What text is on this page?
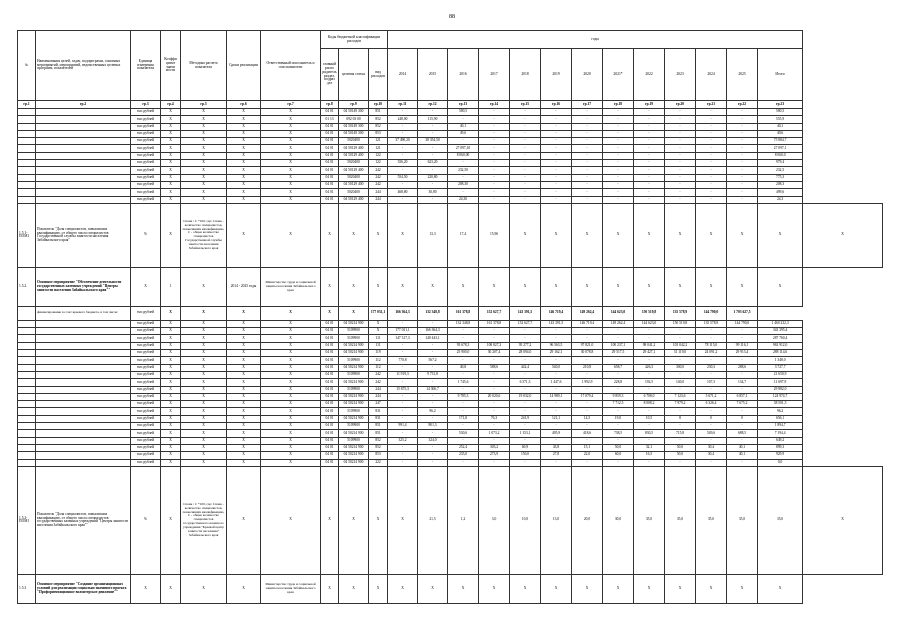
88
№	Наименования целей, задач, подпрограмм, основных мероприятий, мероприятий, ведомственных целевых программ, показателей	Единица измерения показателя	Коэффи циент значи мости	Методика расчета показателя	Сроки реализации	Ответственный исполнитель и соисполнители	Коды бюджетной классификации расходов			годы													
							главный распо рядитель раздел, подраз дел	целевая статья	вид расходов	2014	2015	2016	2017	2018	2019	2020	2021*	2022	2023	2024	2025	Итого	
гр.1	гр.2	гр.3	гр.4	гр.5	гр.6	гр.7	гр.8	гр.9	гр.10	гр.11	гр.12	гр.13	гр.14	гр.15	гр.16	гр.17	гр.18	гр.19	гр.20	гр.21	гр.22	гр.23	
		тыс.рублей	X	X	X	X	04 01	04 50149 300	851	-	-	580,5	-	-	-	-	-	-	-	-	-	580,5	
		тыс.рублей	X	X	X	X	01 13	092 03 00	852	248,00	115,90	-	-	-	-	-	-	-	-	-	-	555,9	
		тыс.рублей	X	X	X	X	04 01	04 50149 300	852	-	-	40,1	-	-	-	-	-	-	-	-	-	40,1	
		тыс.рублей	X	X	X	X	04 01	04 50149 300	853	-	-	49,6	-	-	-	-	-	-	-	-	-	49,6	
		тыс.рублей	X	X	X	X	04 01	5020400	121	37 490,20	38 354,50	-	-	-	-	-	-	-	-	-	-	75 884,7	
		тыс.рублей	X	X	X	X	04 01	04 50129 400	121	-	-	27 097,10	-	-	-	-	-	-	-	-	-	27 097,1	
		тыс.рублей	X	X	X	X	04 01	04 50129 400	122	-	-	8 060,00	-	-	-	-	-	-	-	-	-	8 060,0	
		тыс.рублей	X	X	X	X	04 01	5020400	122	356,20	623,20	-	-	-	-	-	-	-	-	-	-	979,4	
		тыс.рублей	X	X	X	X	04 01	04 50129 400	242	-	-	232,50	-	-	-	-	-	-	-	-	-	232,5	
		тыс.рублей	X	X	X	X	04 01	5020400	242	554,50	220,80	-	-	-	-	-	-	-	-	-	-	775,3	
		тыс.рублей	X	X	X	X	04 01	04 50129 400	242	-	-	208,30	-	-	-	-	-	-	-	-	-	208,3	
		тыс.рублей	X	X	X	X	04 01	5020400	244	468,80	30,80	-	-	-	-	-	-	-	-	-	-	499,6	
		тыс.рублей	X	X	X	X	04 01	04 50129 400	244	-	-	24,30	-	-	-	-	-	-	-	-	-	24,3	
1.5.1- ПОМ1	Показатель "Доля специалистов, повысивших квалификацию, от общего числа специалистов Государственной службы занятости населения Забайкальского края"	%	X	Сповк / С *100, где: Сповк - количество специалистов, повысивших квалификацию, С - общее количество специалистов Государственной службы занятости населения Забайкальского края	X	X	X	X	X	X	13,3	17,4	15,96	X	X	X	X	X	X	X	X	X	X
1.5.2.	Основное мероприятие "Обеспечение деятельности государственных казенных учреждений "Центры занятости населения Забайкальского края""	X	1	X	2014 - 2025 годы	Министерство труда и социальной защиты населения Забайкальского края	X	X	X	X	X	X	X	X	X	X	X	X	X	X	X	X	
	финансирование за счет краевого бюджета, в том числе:	тыс.рублей	X	X	X	X	X	X	177 031,1	166 364,3	132 348,8	161 378,8	152 627,7	143 391,5	146 719,4	149 262,4	144 623,0	150 519,8	135 578,9	144 790,0	1 703 627,5		
		тыс.рублей	X	X	X	X	04 01	04 50214 900	X	-	-	132 348,8	161 378,8	152 627,7	143 391,5	146 719,4	149 262,4	144 623,0	150 519,8	135 578,9	144 790,0	1 460 232,3	
		тыс.рублей	X	X	X	X	04 01	5109900	X	177 031,1	166 364,3	-	-	-	-	-	-	-	-	-	-	343 395,4	
		тыс.рублей	X	X	X	X	04 01	5109900	111	147 317,3	140 443,1	-	-	-	-	-	-	-	-	-	-	287 760,4	
		тыс.рублей	X	X	X	X	04 01	04 50214 900	111	-	-	93 678,3	108 827,3	95 277,2	96 563,5	97 821,0	100 237,1	98 041,2	103 042,2	78 115,0	99 116,1	963 912,0	
		тыс.рублей	X	X	X	X	04 01	04 50214 900	119	-	-	25 900,0	30 207,4	28 094,0	29 162,1	30 078,8	29 517,5	29 427,1	31 119,0	24 091,2	29 913,4	288 114,6	
		тыс.рублей	X	X	X	X	04 01	5109900	112	770,8	567,2	-	-	-	-	-	-	-	-	-	-	1 348,0	
		тыс.рублей	X	X	X	X	04 01	04 50214 900	112	-	-	40,8	588,6	442,4	540,0	210,8	658,7	426,3	300,0	230,3	288,6	3 727,7	
		тыс.рублей	X	X	X	X	04 01	5109900	242	11 919,3	9 731,8	-	-	-	-	-	-	-	-	-	-	21 650,9	
		тыс.рублей	X	X	X	X	04 01	04 50214 900	242	-	-	1 745,6	-	6 571,3	1 447,6	1 992,9	228,8	192,5	140,0	107,3	134,7	11 697,9	
		тыс.рублей	X	X	X	X	04 01	5109900	244	15 675,3	14 306,7	-	-	-	-	-	-	-	-	-	-	29 982,0	
		тыс.рублей	X	X	X	X	04 01	04 50214 900	244	-	-	9 785,3	20 020,6	19 032,0	14 989,1	17 079,4	9 859,3	6 708,0	7 123,6	5 671,2	6 857,1	124 974,7	
		тыс.рублей	X	X	X	X	04 01	04 50214 900	247	-	-	-	-	-	-	-	7 712,5	8 008,2	7 979,2	6 326,4	7 675,2	38 501,5	
		тыс.рублей	X	X	X	X	04 01	5109900	831	-	96,2	-	-	-	-	-	-	-	-	-	-	96,2	
		тыс.рублей	X	X	X	X	04 01	04 50214 900	831	-	-	171,8	76,3	241,9	121,1	14,5	19,0	10,5	8	0	0	656,1	
		тыс.рублей	X	X	X	X	04 01	5109900	851	991,4	801,3	-	-	-	-	-	-	-	-	-	-	1 894,7	
		тыс.рублей	X	X	X	X	04 01	04 50214 900	851	-	-	530,6	1 073,2	1 153,1	495,9	418,6	738,5	830,5	715,8	549,6	688,5	7 194,4	
		тыс.рублей	X	X	X	X	04 01	5109900	852	325,2	324,0	-	-	-	-	-	-	-	-	-	-	649,2	
		тыс.рублей	X	X	X	X	04 01	04 50214 900	852	-	-	252,4	303,2	60,9	43,8	15,1	50,0	32,1	50,0	30,4	40,1	899,3	
		тыс.рублей	X	X	X	X	04 01	04 50214 900	853	-	-	235,0	273,9	150,0	27,8	22,0	60,0	16,5	50,0	30,4	40,1	929,9	
		тыс.рублей	X	X	X	X	04 01	04 50214 900	222	-	-	-	-	-	-	-	-	-	-	-	-	0,0	
1.5.2- ПОМ1	Показатель "Доля специалистов, повысивших квалификацию, от общего числа специалистов государственных казенных учреждений "Центры занятости населения Забайкальского края""	%	X	Сповк / С *100, где: Сповк - количество специалистов, повысивших квалификацию, С - общее количество специалистов государственного казенного учреждения "Краевой центр занятости населения" Забайкальского края	X	X	X	X	X	X	21,5	1,2	3,0	10,0	13,0	20,0	30,0	35,0	35,0	35,0	35,0	35,0	X
1.5.3	Основное мероприятие "Создание организационных условий для реализации социально значимого проекта "Профориентационное волонтерское движение""	X	X	X	X	Министерство труда и социальной защиты населения Забайкальского края	X	X	X	X	X	X	X	X	X	X	X	X	X	X	X	X	
